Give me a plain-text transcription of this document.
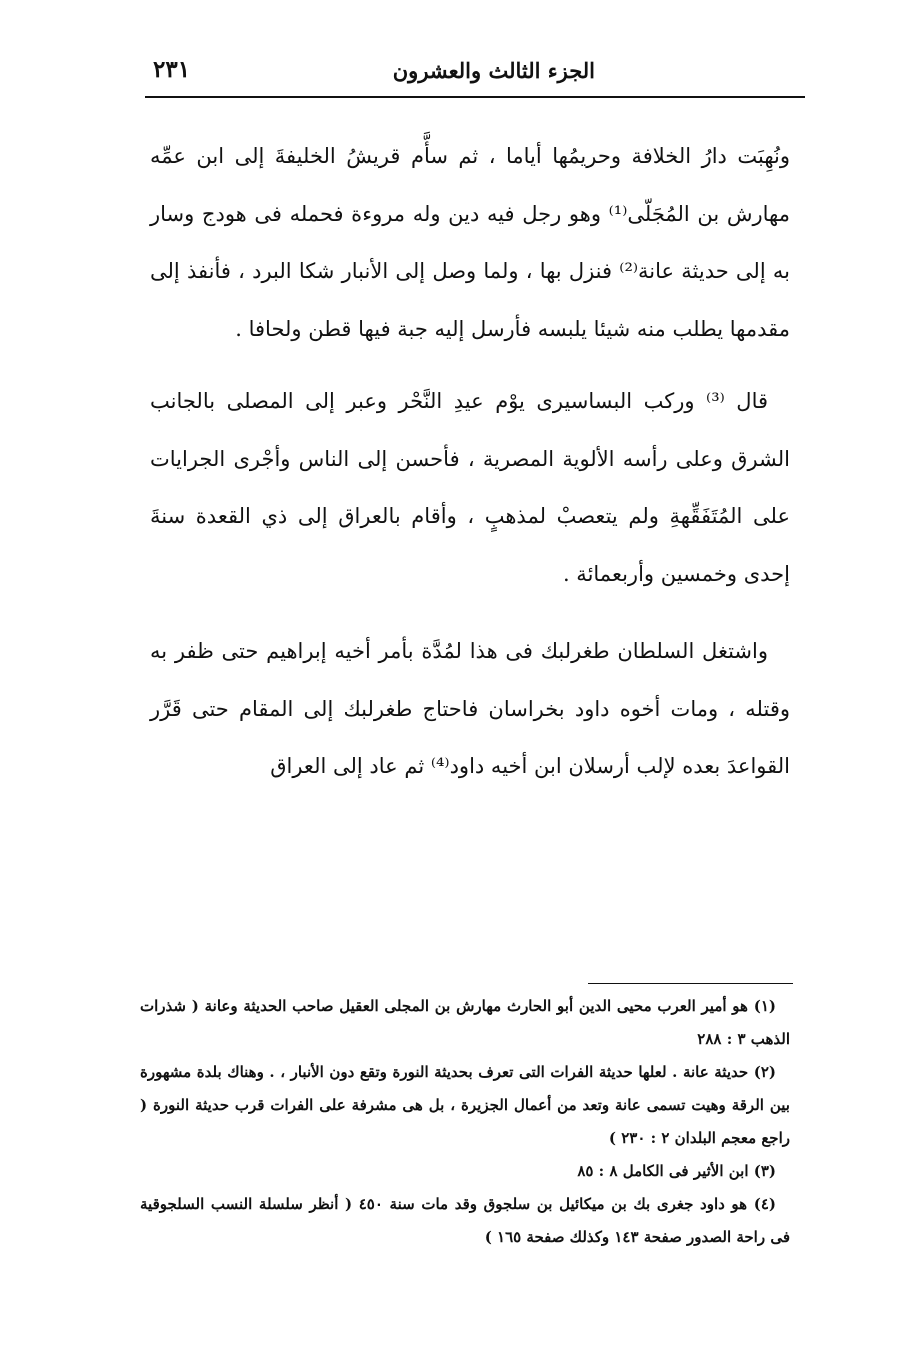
الجزء الثالث والعشرون
٢٣١

ونُهِبَت دارُ الخلافة وحريمُها أياما ، ثم سأَّم قريشُ الخليفةَ إلى ابن عمِّه مهارش بن المُجَلّى⁽¹⁾ وهو رجل فيه دين وله مروءة فحمله فى هودج وسار به إلى حديثة عانة⁽²⁾ فنزل بها ، ولما وصل إلى الأنبار شكا البرد ، فأنفذ إلى مقدمها يطلب منه شيئا يلبسه فأرسل إليه جبة فيها قطن ولحافا .

قال ⁽³⁾ وركب البساسيرى يوْم عيدِ النَّحْر وعبر إلى المصلى بالجانب الشرق وعلى رأسه الألوية المصرية ، فأحسن إلى الناس وأجْرى الجرايات على المُتَفَقِّهةِ ولم يتعصبْ لمذهبٍ ، وأقام بالعراق إلى ذي القعدة سنةَ إحدى وخمسين وأربعمائة .

واشتغل السلطان طغرلبك فى هذا لمُدَّة بأمر أخيه إبراهيم حتى ظفر به وقتله ، ومات أخوه داود بخراسان فاحتاج طغرلبك إلى المقام حتى قَرَّر القواعدَ بعده لإلب أرسلان ابن أخيه داود⁽⁴⁾ ثم عاد إلى العراق

(١) هو أمير العرب محيى الدين أبو الحارث مهارش بن المجلى العقيل صاحب الحديثة وعانة ( شذرات الذهب ٣ : ٢٨٨

(٢) حديثة عانة . لعلها حديثة الفرات التى تعرف بحديثة النورة وتقع دون الأنبار ، . وهناك بلدة مشهورة بين الرقة وهيت تسمى عانة وتعد من أعمال الجزيرة ، بل هى مشرفة على الفرات قرب حديثة النورة ( راجع معجم البلدان ٢ : ٢٣٠ )

(٣) ابن الأثير فى الكامل ٨ : ٨٥

(٤) هو داود جغرى بك بن ميكائيل بن سلجوق وقد مات سنة ٤٥٠ ( أنظر سلسلة النسب السلجوقية فى راحة الصدور صفحة ١٤٣ وكذلك صفحة ١٦٥ )
